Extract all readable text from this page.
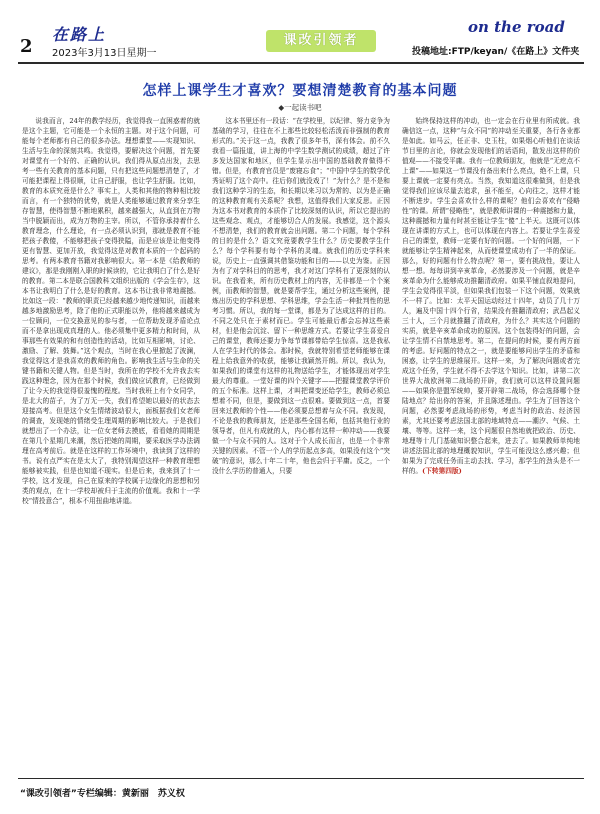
2
在路上
2023年3月13日星期一
课改引领者
on the road
投稿地址:FTP/keyan/《在路上》文件夹
怎样上课学生才喜欢？要想清楚教育的基本问题
◆一起读书吧

说我而言，24年的教学经历，我觉得我一直困惑着的就是这个主题，它可能是一个永恒的主题。对于这个问题，可能每个老师都有自己的很多办法。理想课堂——实现知识、生活与生命的深刻共鸣。我觉得，要解决这个问题，首先要对课堂有一个好的、正确的认识。我们得从原点出发，去思考一些有关教育的基本问题，只有把这些问题想清楚了，才可能把课程上得很顺，让自己舒服，也让学生舒服。比如，教育的本质究竟是什么？事实上，人类和其他的物种相比较而言，有一个独特的优势，就是人类能够通过教育来分享生存智慧，使得智慧不断地累积，越来越强大，从直到在万物当中脱颖而出，成为万物的主宰。所以，不管你承持着什么教育理念，什么理论，有一点必须认识到，那就是教育不能把孩子教傻，不能够把孩子变得狭隘，而是应该是让他变得更有智慧、更加开放，我觉得这是对教育本质的一个起码的思考。有两本教育书籍对我影响很大。第一本是《给教师的建议》，那是我刚刚入职的时候读的，它让我明白了什么是好的教育。第二本是联合国教科文组织出版的《学会生存》，这本书让我明白了什么是好的教育。这本书让我非常地震撼。比如这一段：“教师的职责已经越来越少地传递知识，而越来越多地激励思考，除了他的正式职能以外，他将越来越成为一位顾问，一位交换意见的参与者，一位帮助发现矛盾论点而不是拿出现成真理的人。他必须集中更多精力和时间，从事那些有效果的和有创造性的活动，比如互相影响，讨论、激励、了解、鼓舞。”这个观点，当时在我心里掀起了波澜，我觉得这才是我喜欢的教师的角色。影响我生活与生命的关键书籍和关键人物。但是当时，我所在的学校不允许我去实践这种理念，因为在那个时候，我们做应试教育，已经做到了让今天的我觉得很羞愧的程度。当时我班上有个女同学，是北大的苗子，为了万无一失，我们希望她以最好的状态去迎接高考。但是这个女生情绪波动很大，面板据我们女老师的调查，发现她的情绪受生理周期的影响比较大。于是我们就想出了一个办法，让一位女老师去摸底，看看她的周期是在第几个星期几来潮，然后把她的周期，要采取医学办法调理在高考前后。就是在这样的工作环境中，我读到了这样的书。说有点严实在是太大了，我特别渴望这样一种教育理想能够被实践，但是也知道不现实。但是后来，我来到了十一学校，这才发现，自己在原来的学校属于边缘化的思想和另类的观点，在十一学校却被归于主流的价值观。我和十一学校“情投意合”，根本不用扭曲地讲道。

这本书里还有一段话：“在学校里，以纪律、努力竞争为基础的学习，往往在不上那些比较轻松活泼而非强制的教育形式的。”关于这一点，我教了很多年书，深有体会。前不久我看一篇报道，讲上海的中学生数学测试的成绩，超过了许多发达国家和地区，但学生显示出中国的基础教育做得不错。但是，有教育官员是“废寝忘食”；“中国中学生的数学优秀证明了这个高中。往后你们就没戏了！”为什么？是不是和我们这种学习的生态，和长期以来习以为常的、以为是正确的这种教育观有关系呢？我想，这值得我们大家反思。正因为这本书对教育的本质作了比较深刻的认识，所以它提出的这些观念、观点，才能够切合人的发展。我感觉，这个源头不想清楚，我们的教育就会出问题。第二个问题，每个学科的目的是什么？语文究竟要教学生什么？历史要教学生什么？每个学科要有每个学科的灵魂。就我们的历史学科来说，历史上一直强调其借鉴功能和目的——以史为鉴。正因为有了对学科目的的思考，我才对这门学科有了更深刻的认识。在我看来，所有历史教材上的内容，无非都是一个个案例，而教师的智慧，就是要帮学生，通过分析这些案例，提炼出历史的学科思想、学科思维，学会生活一种批判性的思考习惯。所以，我的每一堂课，都是为了达成这样的目的。不同之处只在于素材而已。学生可能最后都会忘掉这些素材，但是他会沉淀、留下一种思维方式。若要让学生喜爱自己的课堂，教师还要力争每节课都带给学生惊喜。这是我私人在学生时代的体会。那时候，我就特别希望老师能够在课程上给我意外的收获，能够让我颖然开朗。所以，我认为，如果我们的课堂有这样的礼物送给学生，才能体现出对学生最大的尊重。一堂好课的四个关键字——把握课堂教学评价的五个标准。这样上课，才叫把课变还给学生，教师必须总想着不同，但是，要做到这一点很难。要做到这一点，首要回来过教师的个性——他必须要总想着与众不同。我发现，不论是我的教师朋友，还是那些全国名师，包括其他行业的领导者，但凡有成就的人，内心都有这样一种冲动——我要做一个与众不同的人。这对于个人成长而言，也是一个非常关键的因素。不管一个人的学历起点多高，如果没有这个“突破”的意识，那么十年二十年，他也会归于平庸。反之，一个没什么学历的普通人，只要

始终保持这样的冲动，也一定会在行业里有所成就。我确信这一点，这种“与众不同”的冲动至关重要，各行各业都是如此。如马云，任正非、史玉柱，如果烟心听他们在谈话节目里的言论，你就会发现他们的话语间，散发出这样的价值观——不接受平庸。我有一位教师朋友，他就是“无疙点不上课”——如果这一节课没有备出来什么亮点，绝不上课，只要上课就一定要有亮点。当然，我知道这很难做到，但是我觉得我们应该尽量去追求，虽不能至，心向往之，这样才能不断进步。学生会喜欢什么样的课呢？他们会喜欢有“侵略性”的课。所谓“侵略性”，就是教师讲课的一种震撼和力量，这种震撼和力量有时甚至能让学生“傻”上半天。这既可以体现在讲课的方式上，也可以体现在内容上。若要让学生喜爱自己的课堂，教师一定要有好的问题。一个好的问题，一下就能够让学生精神起来，从而使课堂成功有了一半的保证。那么，好的问题有什么特点呢？第一，要有挑战性，要让人想一想。每每讲到辛亥革命，必然要涉及一个问题，就是辛亥革命为什么能够成功推翻清政府。如果平铺直叙地提问，学生会觉得很平淡，但如果我们包装一下这个问题，效果就不一样了。比如：太平天国运动经过十四年，动员了几十万人，遍及中国十四个行省，结果没有推翻清政府；武昌起义三十人，三个月就推翻了清政府，为什么？其实这个问题的实质，就是辛亥革命成功的原因。这个包装得好的问题，会让学生情不自禁地思考。第二，在提问的时候，要有两方面的考虑。好问题的特点之一，就是要能够问出学生的矛盾和困惑，让学生的思维展开。这样一来，为了解决问题或者完成这个任务，学生就不得不去学这个知识。比如，讲第二次世界大战欧洲第二战场的开辟，我们就可以这样设置问题——如果你是盟军统帅，要开辟第二战场，你会选择哪个登陆地点？给出你的答案，并且陈述理由。学生为了回答这个问题，必然要考虑战场的形势，考虑当时的政治、经济因素，尤其还要考虑法国北部的地域特点——潮汐、气候、土壤、等等。这样一来，这个问题很自然地就把政治、历史、地理等十几门基础知识整合起来，进去了。如果教师单纯地讲述法国北部的地理概貌知识，学生可能没这么感兴趣；但如果为了完成任务而主动去找、学习，那学生的劲头是不一样的。(下转第四版)

“课改引领者”专栏编辑：黄新丽　苏义权
